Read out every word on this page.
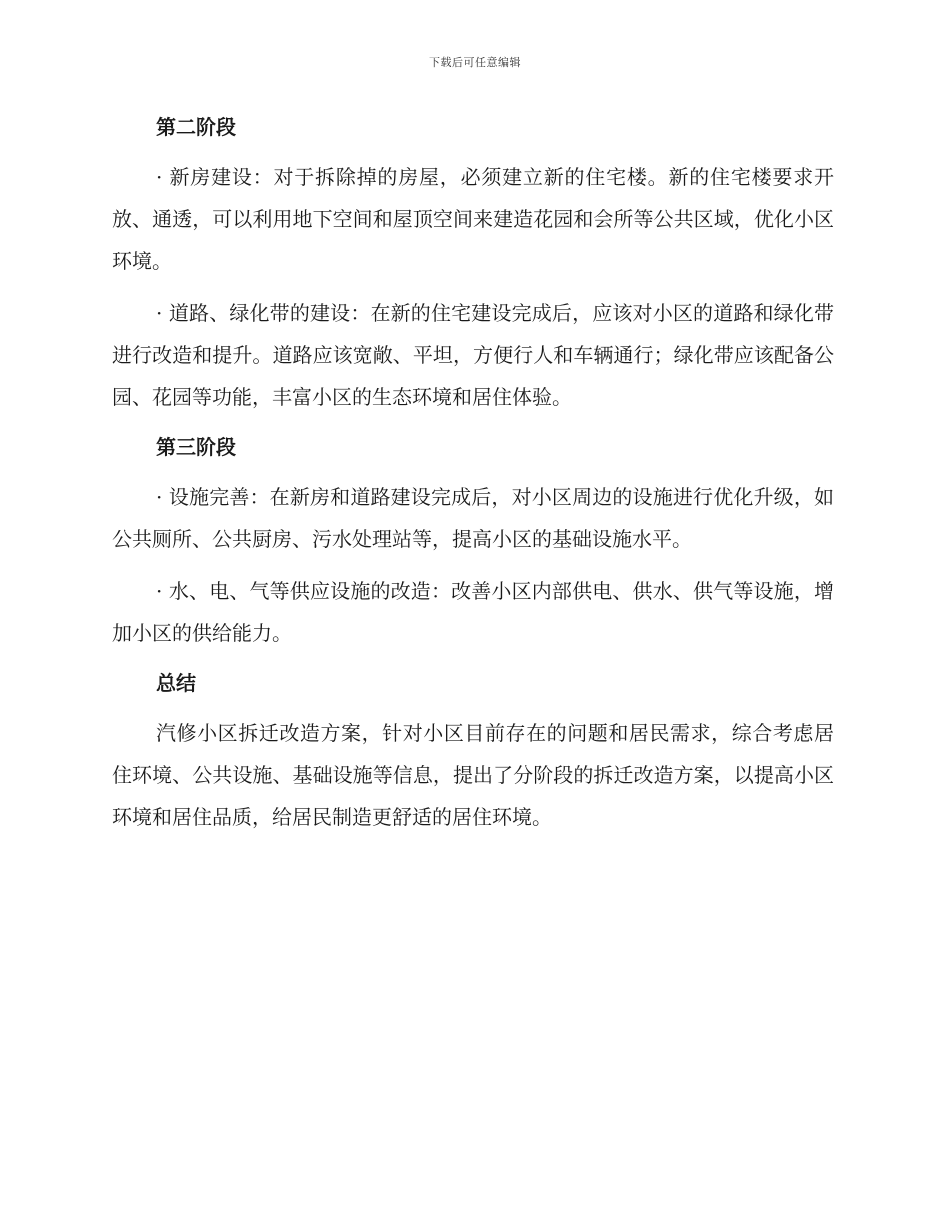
下载后可任意编辑
第二阶段

· 新房建设：对于拆除掉的房屋，必须建立新的住宅楼。新的住宅楼要求开放、通透，可以利用地下空间和屋顶空间来建造花园和会所等公共区域，优化小区环境。

· 道路、绿化带的建设：在新的住宅建设完成后，应该对小区的道路和绿化带进行改造和提升。道路应该宽敞、平坦，方便行人和车辆通行；绿化带应该配备公园、花园等功能，丰富小区的生态环境和居住体验。

第三阶段

· 设施完善：在新房和道路建设完成后，对小区周边的设施进行优化升级，如公共厕所、公共厨房、污水处理站等，提高小区的基础设施水平。

· 水、电、气等供应设施的改造：改善小区内部供电、供水、供气等设施，增加小区的供给能力。

总结

汽修小区拆迁改造方案，针对小区目前存在的问题和居民需求，综合考虑居住环境、公共设施、基础设施等信息，提出了分阶段的拆迁改造方案，以提高小区环境和居住品质，给居民制造更舒适的居住环境。
